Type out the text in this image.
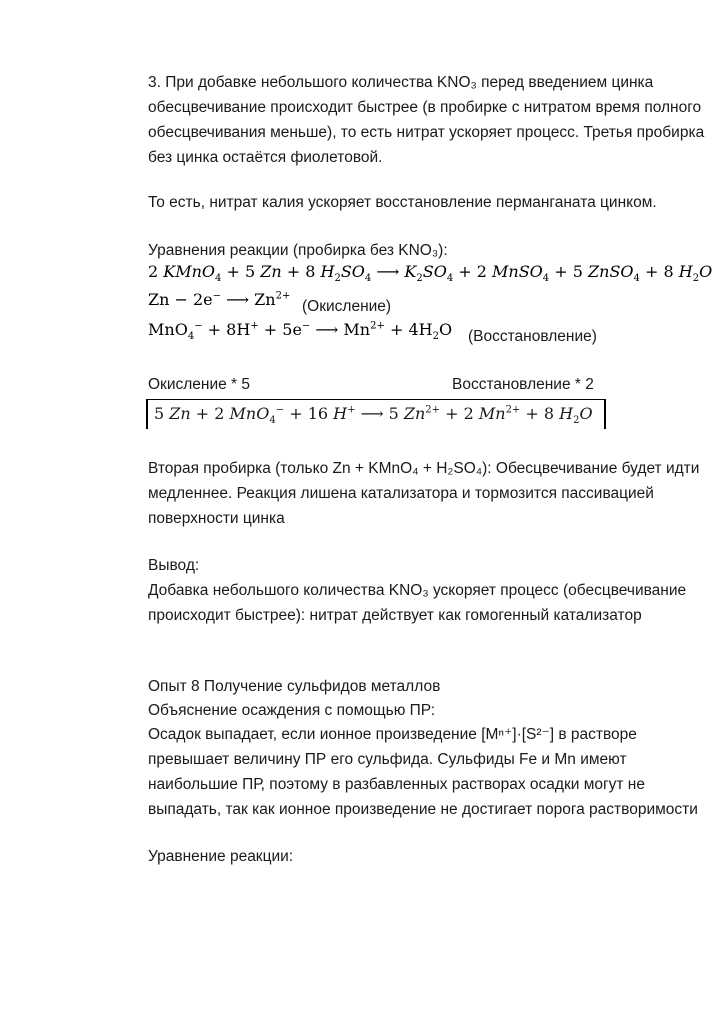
3. При добавке небольшого количества KNO₃ перед введением цинка обесцвечивание происходит быстрее (в пробирке с нитратом время полного обесцвечивания меньше), то есть нитрат ускоряет процесс. Третья пробирка без цинка остаётся фиолетовой.

То есть, нитрат калия ускоряет восстановление перманганата цинком.

Уравнения реакции (пробирка без KNO₃):

2 KMnO$_4$ + 5 Zn + 8 $H_2SO_4$ ⟶ $K_2SO_4 + 2$ MnSO$_4$ + 5 ZnSO$_4$ + 8 $H_2O$
Zn − 2e− ⟶ $Zn^{2+}$
(Окисление)
MnO$_4$− + 8H+ + 5e− ⟶ $Mn^{2+} + 4H_2O$ (Восстановление)
Окисление * 5	Восстановление * 2
5 Zn + 2 MnO$_4$− + 16 H+ ⟶ 5 $Zn^{2+} + 2$ $Mn^{2+} + 8$ $H_2O$

Вторая пробирка (только Zn + KMnO₄ + H₂SO₄): Обесцвечивание будет идти медленнее. Реакция лишена катализатора и тормозится пассивацией поверхности цинка

Вывод:

Добавка небольшого количества KNO₃ ускоряет процесс (обесцвечивание происходит быстрее): нитрат действует как гомогенный катализатор

Опыт 8 Получение сульфидов металлов

Объяснение осаждения с помощью ПР:

Осадок выпадает, если ионное произведение [Mⁿ⁺]·[S²⁻] в растворе превышает величину ПР его сульфида. Сульфиды Fe и Mn имеют наибольшие ПР, поэтому в разбавленных растворах осадки могут не выпадать, так как ионное произведение не достигает порога растворимости

Уравнение реакции:
